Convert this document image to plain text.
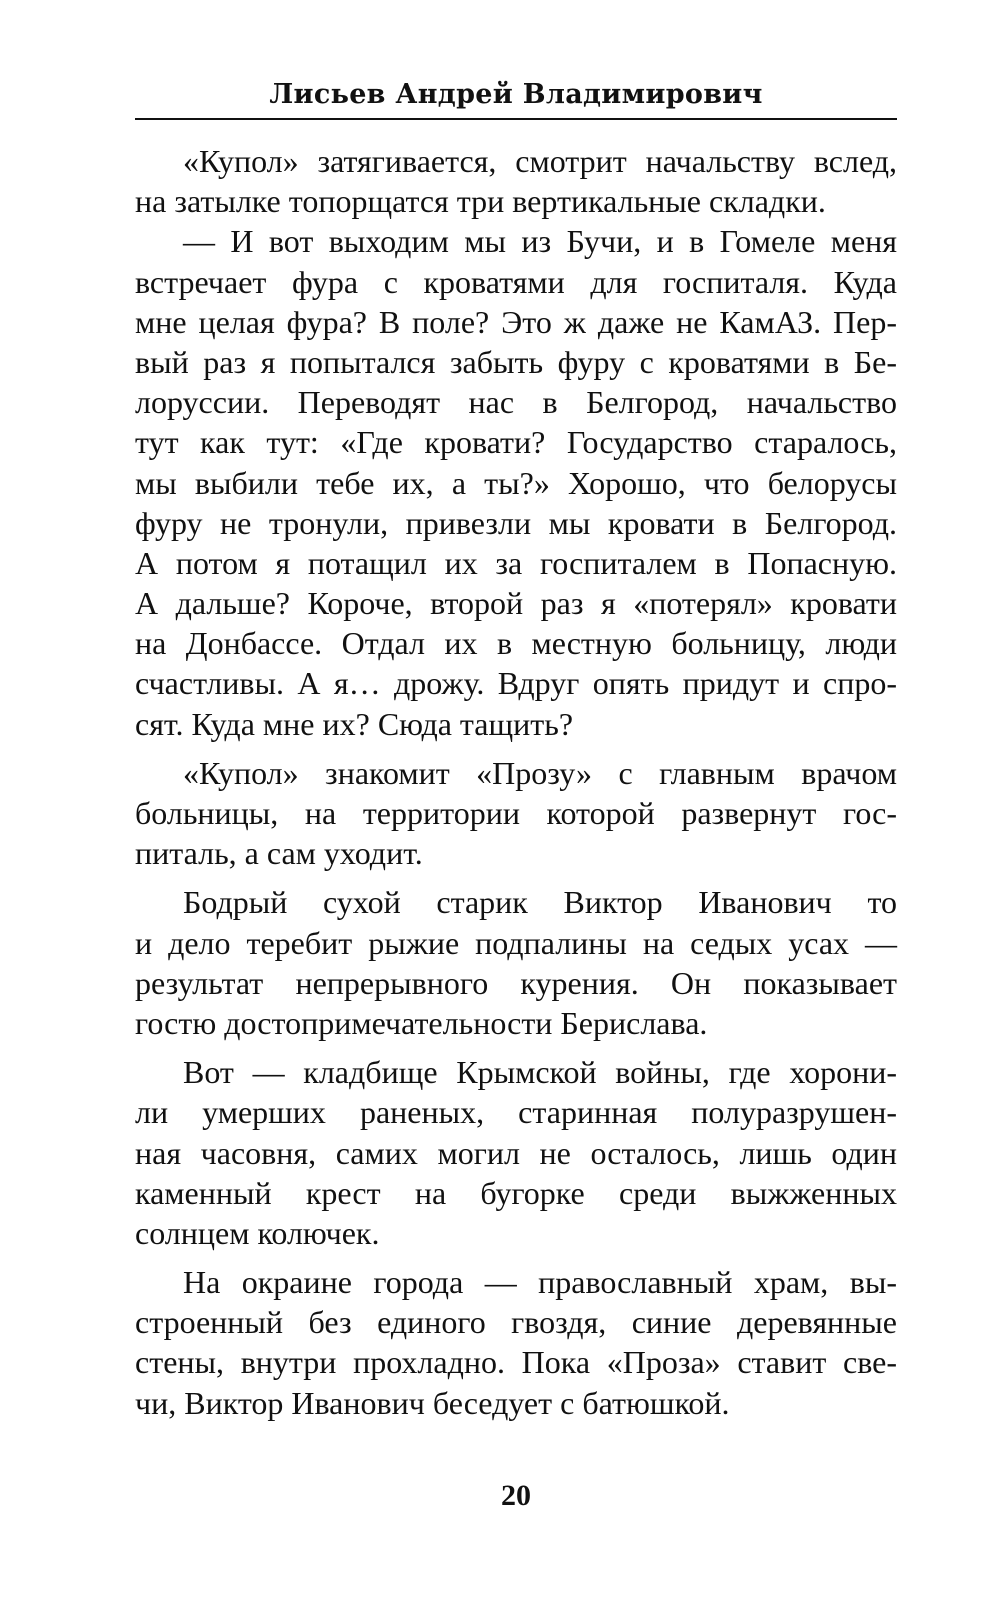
Лисьев Андрей Владимирович
«Купол» затягивается, смотрит начальству вслед,
на затылке топорщатся три вертикальные складки.
— И вот выходим мы из Бучи, и в Гомеле меня
встречает фура с кроватями для госпиталя. Куда
мне целая фура? В поле? Это ж даже не КамАЗ. Пер-
вый раз я попытался забыть фуру с кроватями в Бе-
лоруссии. Переводят нас в Белгород, начальство
тут как тут: «Где кровати? Государство старалось,
мы выбили тебе их, а ты?» Хорошо, что белорусы
фуру не тронули, привезли мы кровати в Белгород.
А потом я потащил их за госпиталем в Попасную.
А дальше? Короче, второй раз я «потерял» кровати
на Донбассе. Отдал их в местную больницу, люди
счастливы. А я… дрожу. Вдруг опять придут и спро-
сят. Куда мне их? Сюда тащить?
«Купол» знакомит «Прозу» с главным врачом
больницы, на территории которой развернут гос-
питаль, а сам уходит.
Бодрый сухой старик Виктор Иванович то
и дело теребит рыжие подпалины на седых усах —
результат непрерывного курения. Он показывает
гостю достопримечательности Берислава.
Вот — кладбище Крымской войны, где хорони-
ли умерших раненых, старинная полуразрушен-
ная часовня, самих могил не осталось, лишь один
каменный крест на бугорке среди выжженных
солнцем колючек.
На окраине города — православный храм, вы-
строенный без единого гвоздя, синие деревянные
стены, внутри прохладно. Пока «Проза» ставит све-
чи, Виктор Иванович беседует с батюшкой.
20
